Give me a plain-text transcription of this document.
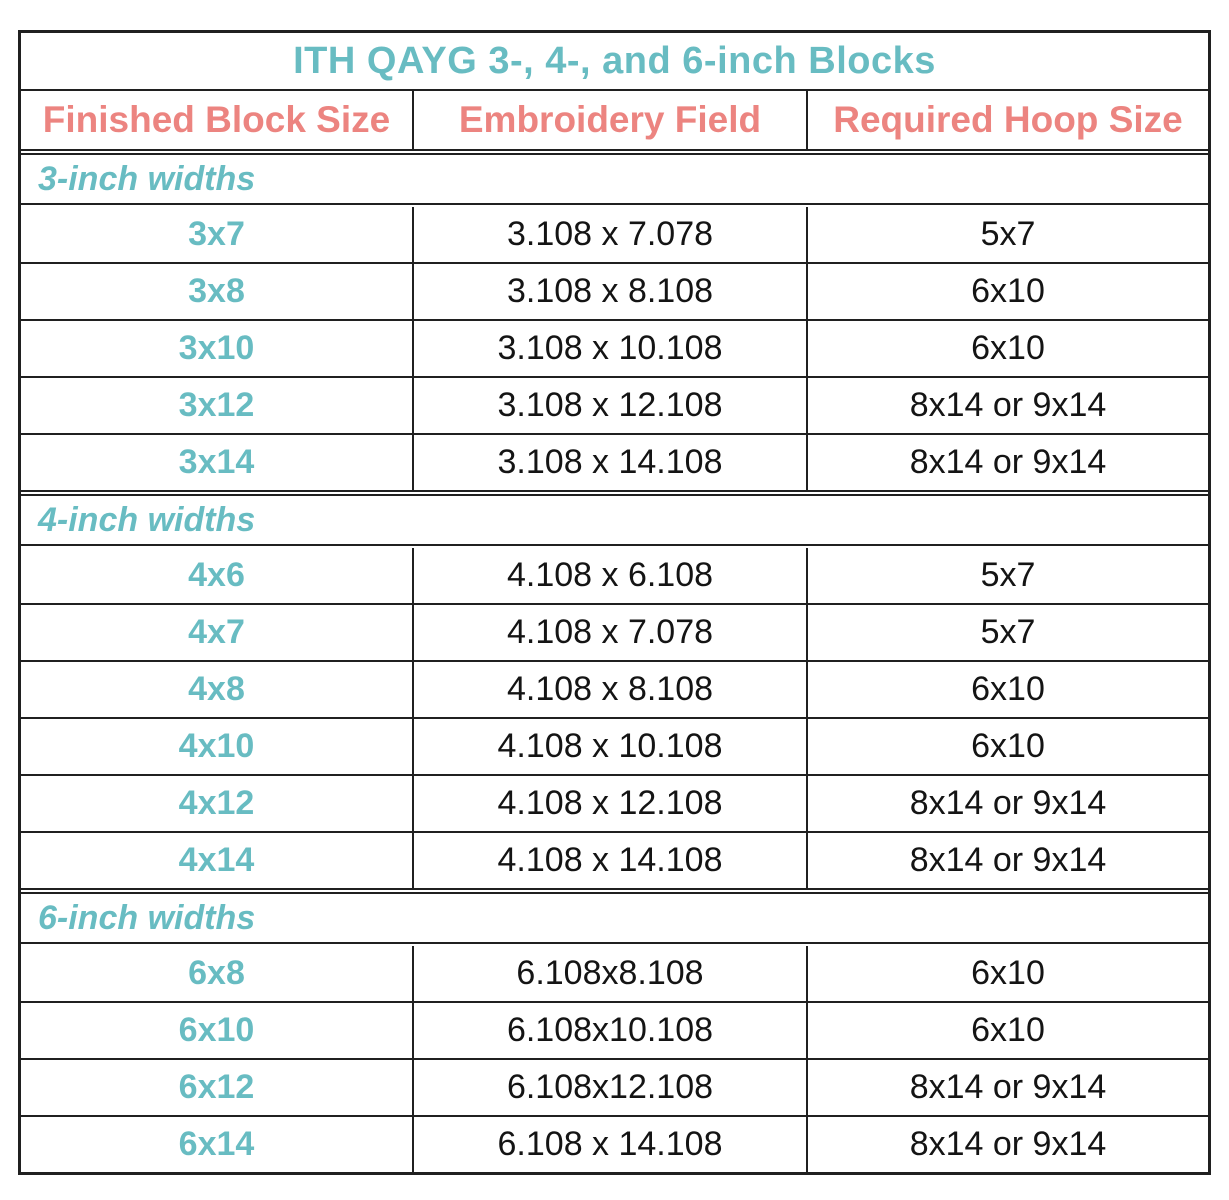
ITH QAYG 3-, 4-, and 6-inch Blocks
Finished Block Size	Embroidery Field	Required Hoop Size
3-inch widths
3x7	3.108 x 7.078	5x7
3x8	3.108 x 8.108	6x10
3x10	3.108 x 10.108	6x10
3x12	3.108 x 12.108	8x14 or 9x14
3x14	3.108 x 14.108	8x14 or 9x14
4-inch widths
4x6	4.108 x 6.108	5x7
4x7	4.108 x 7.078	5x7
4x8	4.108 x 8.108	6x10
4x10	4.108 x 10.108	6x10
4x12	4.108 x 12.108	8x14 or 9x14
4x14	4.108 x 14.108	8x14 or 9x14
6-inch widths
6x8	6.108x8.108	6x10
6x10	6.108x10.108	6x10
6x12	6.108x12.108	8x14 or 9x14
6x14	6.108 x 14.108	8x14 or 9x14
